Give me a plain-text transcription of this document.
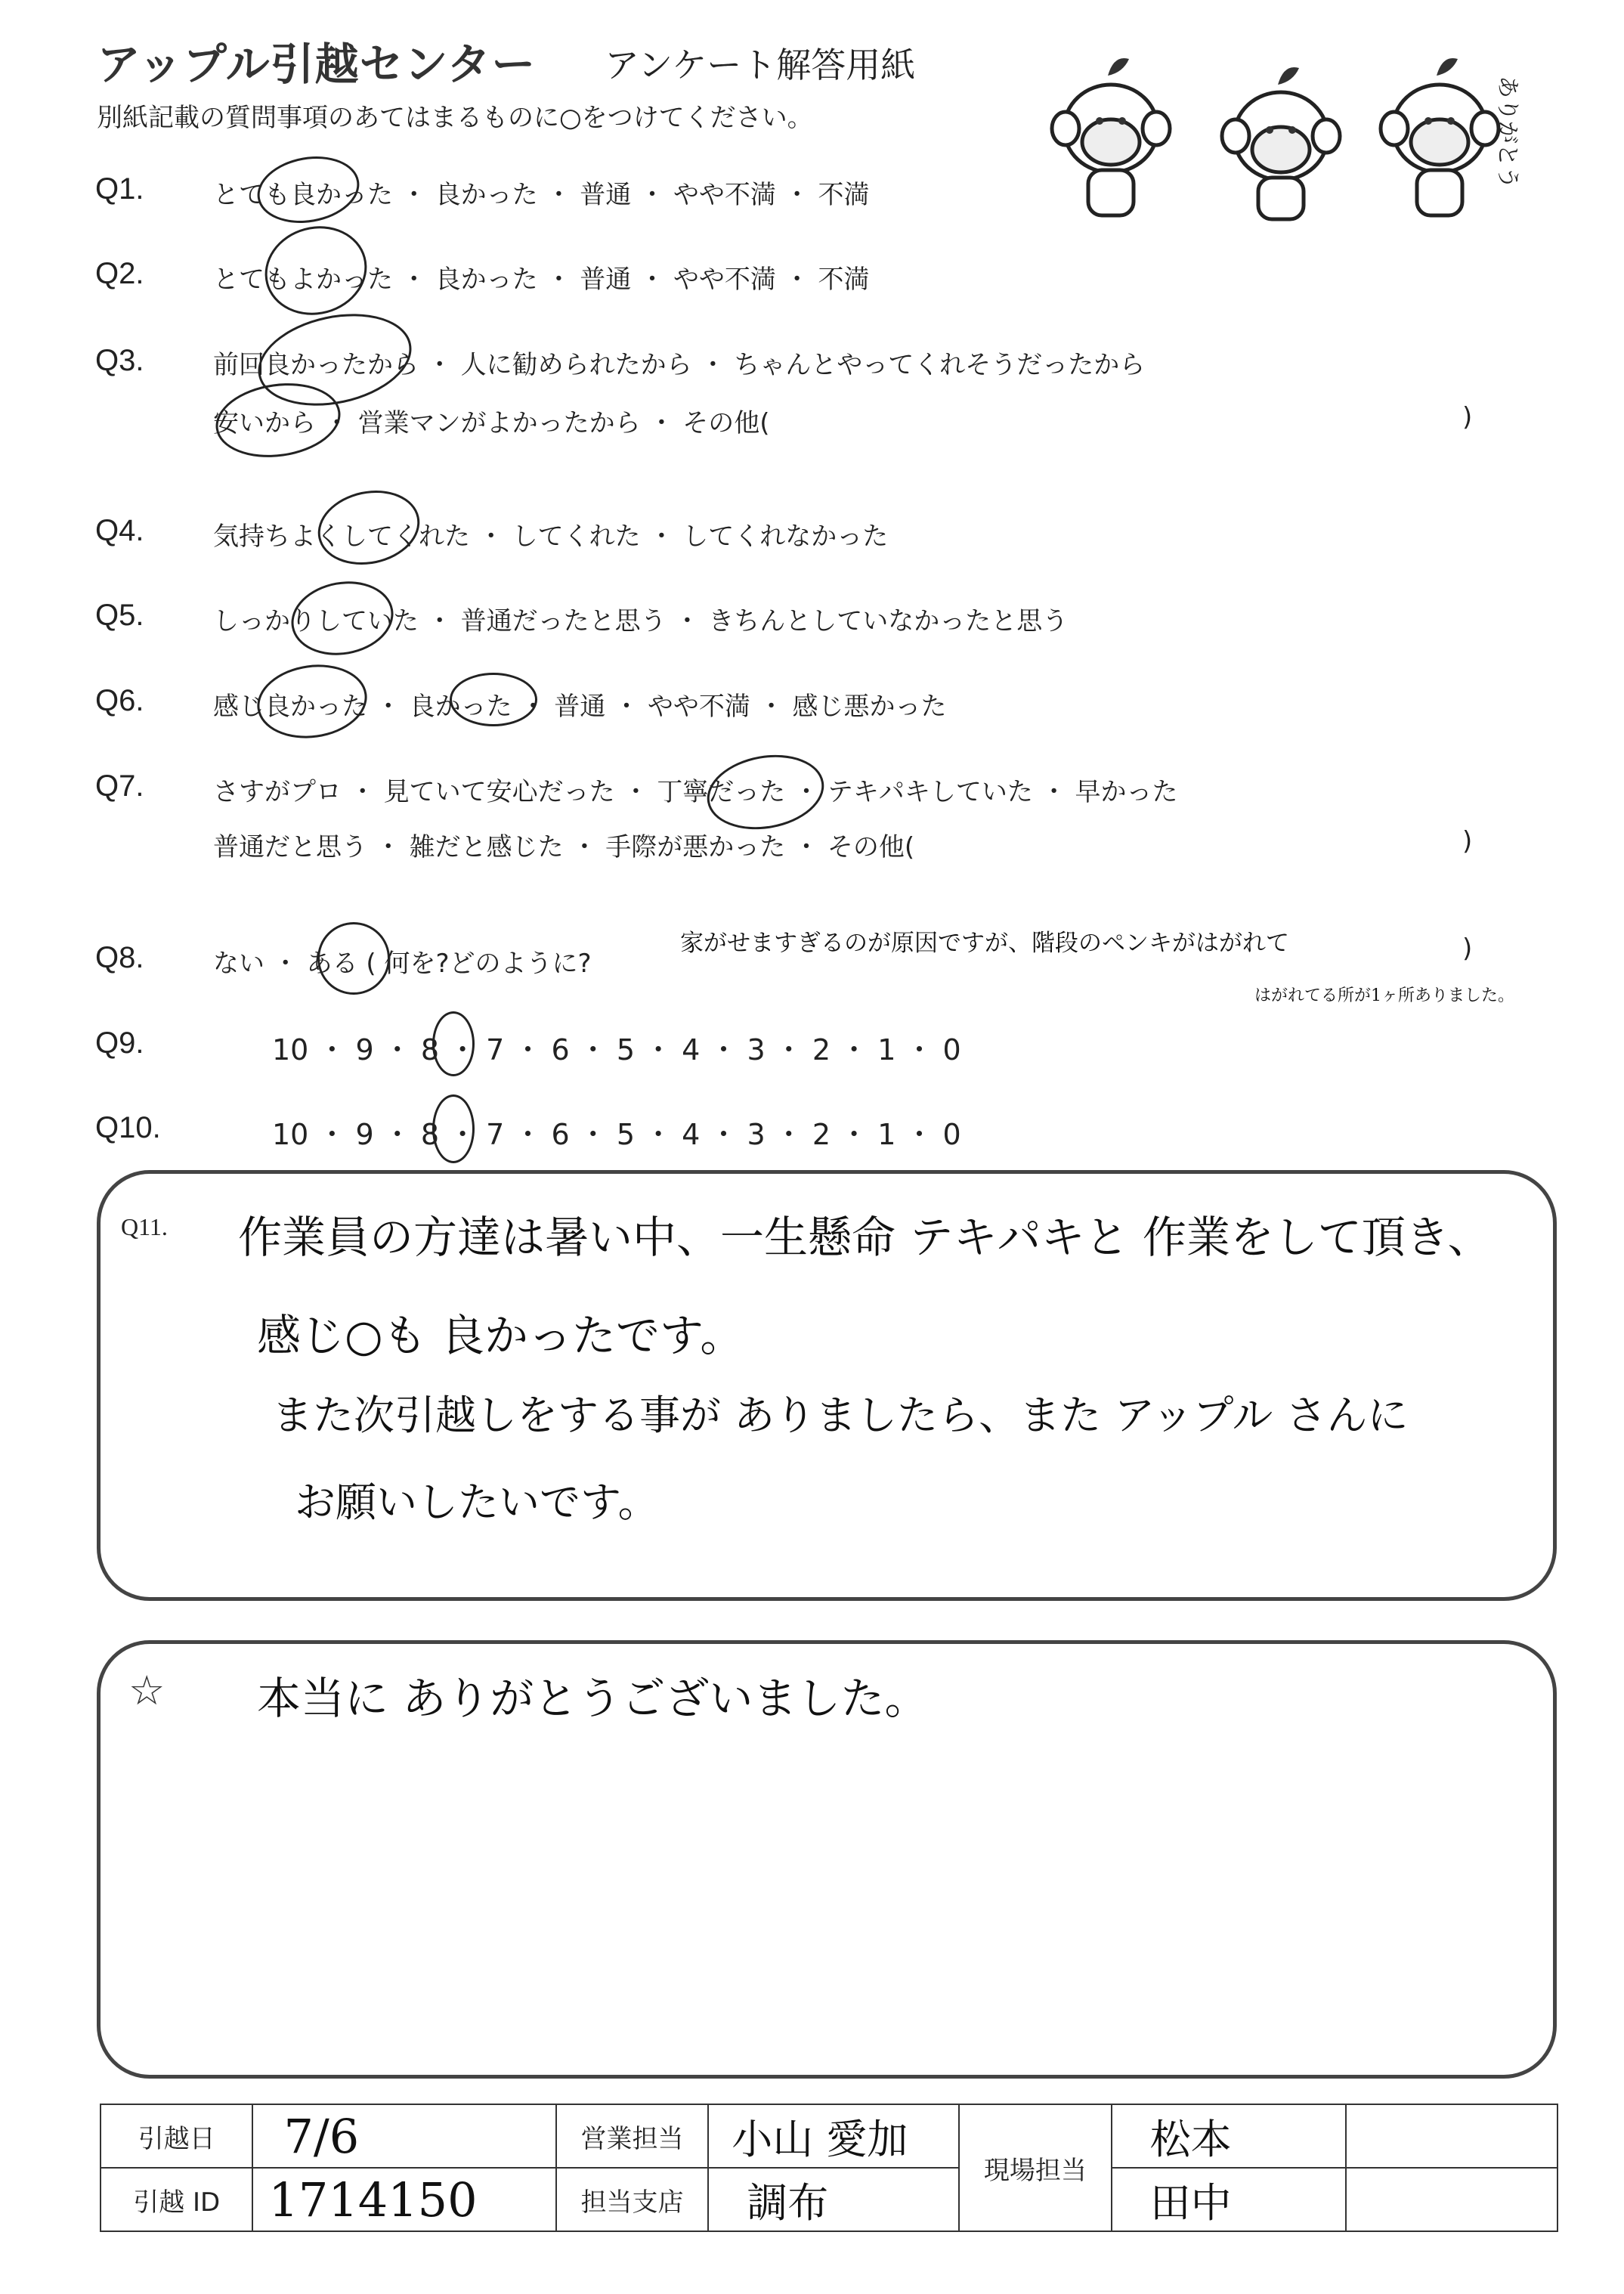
アップル引越センター アンケート解答用紙
別紙記載の質問事項のあてはまるものに○をつけてください。	ありがとう
Q1.	とても良かった ・ 良かった ・ 普通 ・ やや不満 ・ 不満
Q2.	とてもよかった ・ 良かった ・ 普通 ・ やや不満 ・ 不満
Q3.	前回良かったから ・ 人に勧められたから ・ ちゃんとやってくれそうだったから
安いから ・ 営業マンがよかったから ・ その他(	)
Q4.	気持ちよくしてくれた ・ してくれた ・ してくれなかった
Q5.	しっかりしていた ・ 普通だったと思う ・ きちんとしていなかったと思う
Q6.	感じ良かった ・ 良かった ・ 普通 ・ やや不満 ・ 感じ悪かった
Q7.	さすがプロ ・ 見ていて安心だった ・ 丁寧だった ・ テキパキしていた ・ 早かった
普通だと思う ・ 雑だと感じた ・ 手際が悪かった ・ その他(	)
Q8.	ない ・ ある ( 何を?どのように?	)
家がせますぎるのが原因ですが、階段のペンキがはがれて
はがれてる所が1ヶ所ありました。
Q9.	10 ・ 9 ・ 8 ・ 7 ・ 6 ・ 5 ・ 4 ・ 3 ・ 2 ・ 1 ・ 0
Q10.	10 ・ 9 ・ 8 ・ 7 ・ 6 ・ 5 ・ 4 ・ 3 ・ 2 ・ 1 ・ 0
Q11. 作業員の方達は暑い中、一生懸命 テキパキと 作業をして頂き、
感じ○も 良かったです。
また次引越しをする事が ありましたら、また アップル さんに
お願いしたいです。
☆ 本当に ありがとうございました。
引越日	7/6	営業担当	小山 愛加	現場担当	松本	
引越 ID	1714150	担当支店	調布		田中	
